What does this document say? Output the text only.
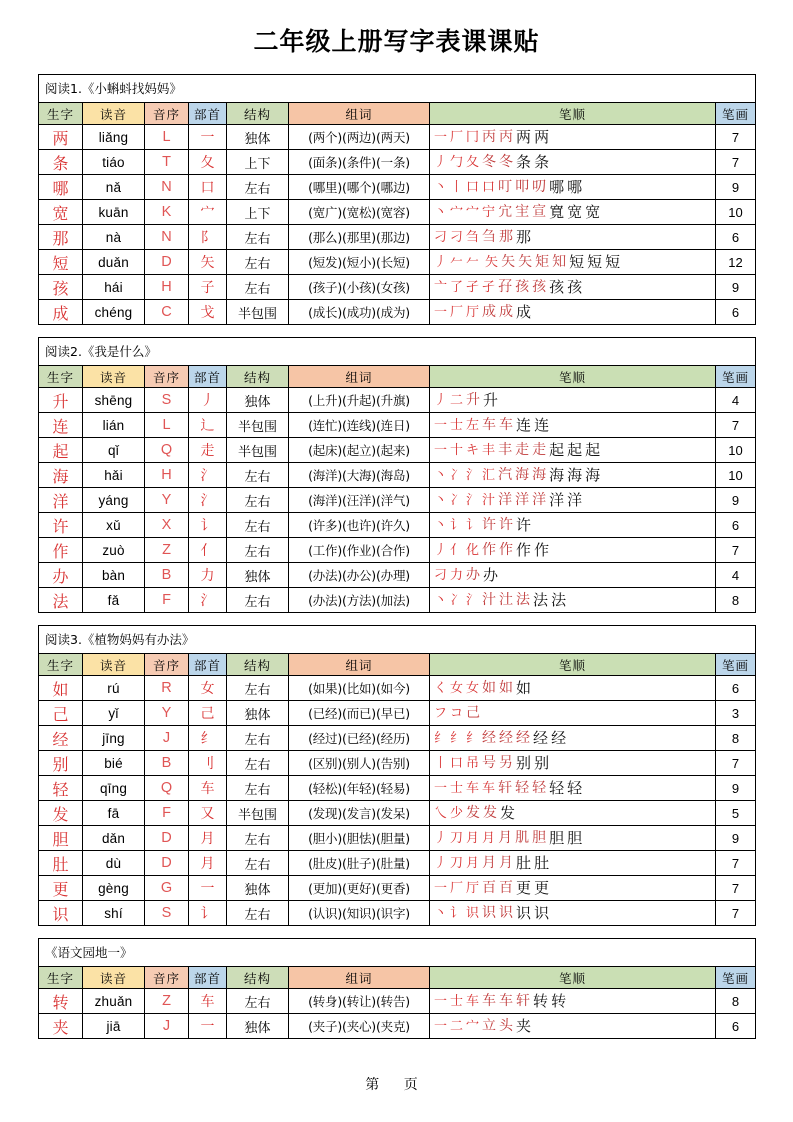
二年级上册写字表课课贴
阅读1.《小蝌蚪找妈妈》							
生字	读音	音序	部首	结构	组词	笔顺	笔画
两	liǎng	L	一	独体	(两个)(两边)(两天)	一 厂 冂 丙 丙 两 两	7
条	tiáo	T	夂	上下	(面条)(条件)(一条)	丿 勹 夂 冬 冬 条 条	7
哪	nǎ	N	口	左右	(哪里)(哪个)(哪边)	丶 丨 口 口 叮 叩 叨 哪 哪	9
宽	kuān	K	宀	上下	(宽广)(宽松)(宽容)	丶 宀 宀 宁 宂 宔 宣 寬 宽 宽	10
那	nà	N	阝	左右	(那么)(那里)(那边)	刁 刁 刍 刍 那 那	6
短	duǎn	D	矢	左右	(短发)(短小)(长短)	丿 𠂉 𠂉 矢 矢 矢 矩 知 短 短 短	12
孩	hái	H	子	左右	(孩子)(小孩)(女孩)	亠 了 孑 孑 孖 孩 孩 孩 孩	9
成	chéng	C	戈	半包围	(成长)(成功)(成为)	一 厂 厅 成 成 成	6
阅读2.《我是什么》							
生字	读音	音序	部首	结构	组词	笔顺	笔画
升	shēng	S	丿	独体	(上升)(升起)(升旗)	丿 二 升 升	4
连	lián	L	辶	半包围	(连忙)(连线)(连日)	一 士 左 车 车 连 连	7
起	qǐ	Q	走	半包围	(起床)(起立)(起来)	一 十 キ 丰 丰 走 走 起 起 起	10
海	hǎi	H	氵	左右	(海洋)(大海)(海岛)	丶 冫 氵 汇 汽 海 海 海 海 海	10
洋	yáng	Y	氵	左右	(海洋)(汪洋)(洋气)	丶 冫 氵 汁 洋 洋 洋 洋 洋	9
许	xǔ	X	讠	左右	(许多)(也许)(许久)	丶 讠 讠 许 许 许	6
作	zuò	Z	亻	左右	(工作)(作业)(合作)	丿 亻 化 作 作 作 作	7
办	bàn	B	力	独体	(办法)(办公)(办理)	刁 力 办 办	4
法	fǎ	F	氵	左右	(办法)(方法)(加法)	丶 冫 氵 汁 汢 法 法 法	8
阅读3.《植物妈妈有办法》							
生字	读音	音序	部首	结构	组词	笔顺	笔画
如	rú	R	女	左右	(如果)(比如)(如今)	く 女 女 如 如 如	6
己	yǐ	Y	己	独体	(已经)(而已)(早已)	フ コ 己	3
经	jīng	J	纟	左右	(经过)(已经)(经历)	纟 纟 纟 经 经 经 经 经	8
别	bié	B	刂	左右	(区别)(别人)(告别)	丨 口 吊 号 另 别 别	7
轻	qīng	Q	车	左右	(轻松)(年轻)(轻易)	一 士 车 车 轩 轻 轻 轻 轻	9
发	fā	F	又	半包围	(发现)(发言)(发呆)	乀 少 发 发 发	5
胆	dǎn	D	月	左右	(胆小)(胆怯)(胆量)	丿 刀 月 月 月 肌 胆 胆 胆	9
肚	dù	D	月	左右	(肚皮)(肚子)(肚量)	丿 刀 月 月 月 肚 肚	7
更	gèng	G	一	独体	(更加)(更好)(更香)	一 厂 厅 百 百 更 更	7
识	shí	S	讠	左右	(认识)(知识)(识字)	丶 讠 识 识 识 识 识	7
《语文园地一》							
生字	读音	音序	部首	结构	组词	笔顺	笔画
转	zhuǎn	Z	车	左右	(转身)(转让)(转告)	一 士 车 车 车 轩 转 转	8
夹	jiā	J	一	独体	(夹子)(夹心)(夹克)	一 二 宀 立 头 夹	6
第 页
